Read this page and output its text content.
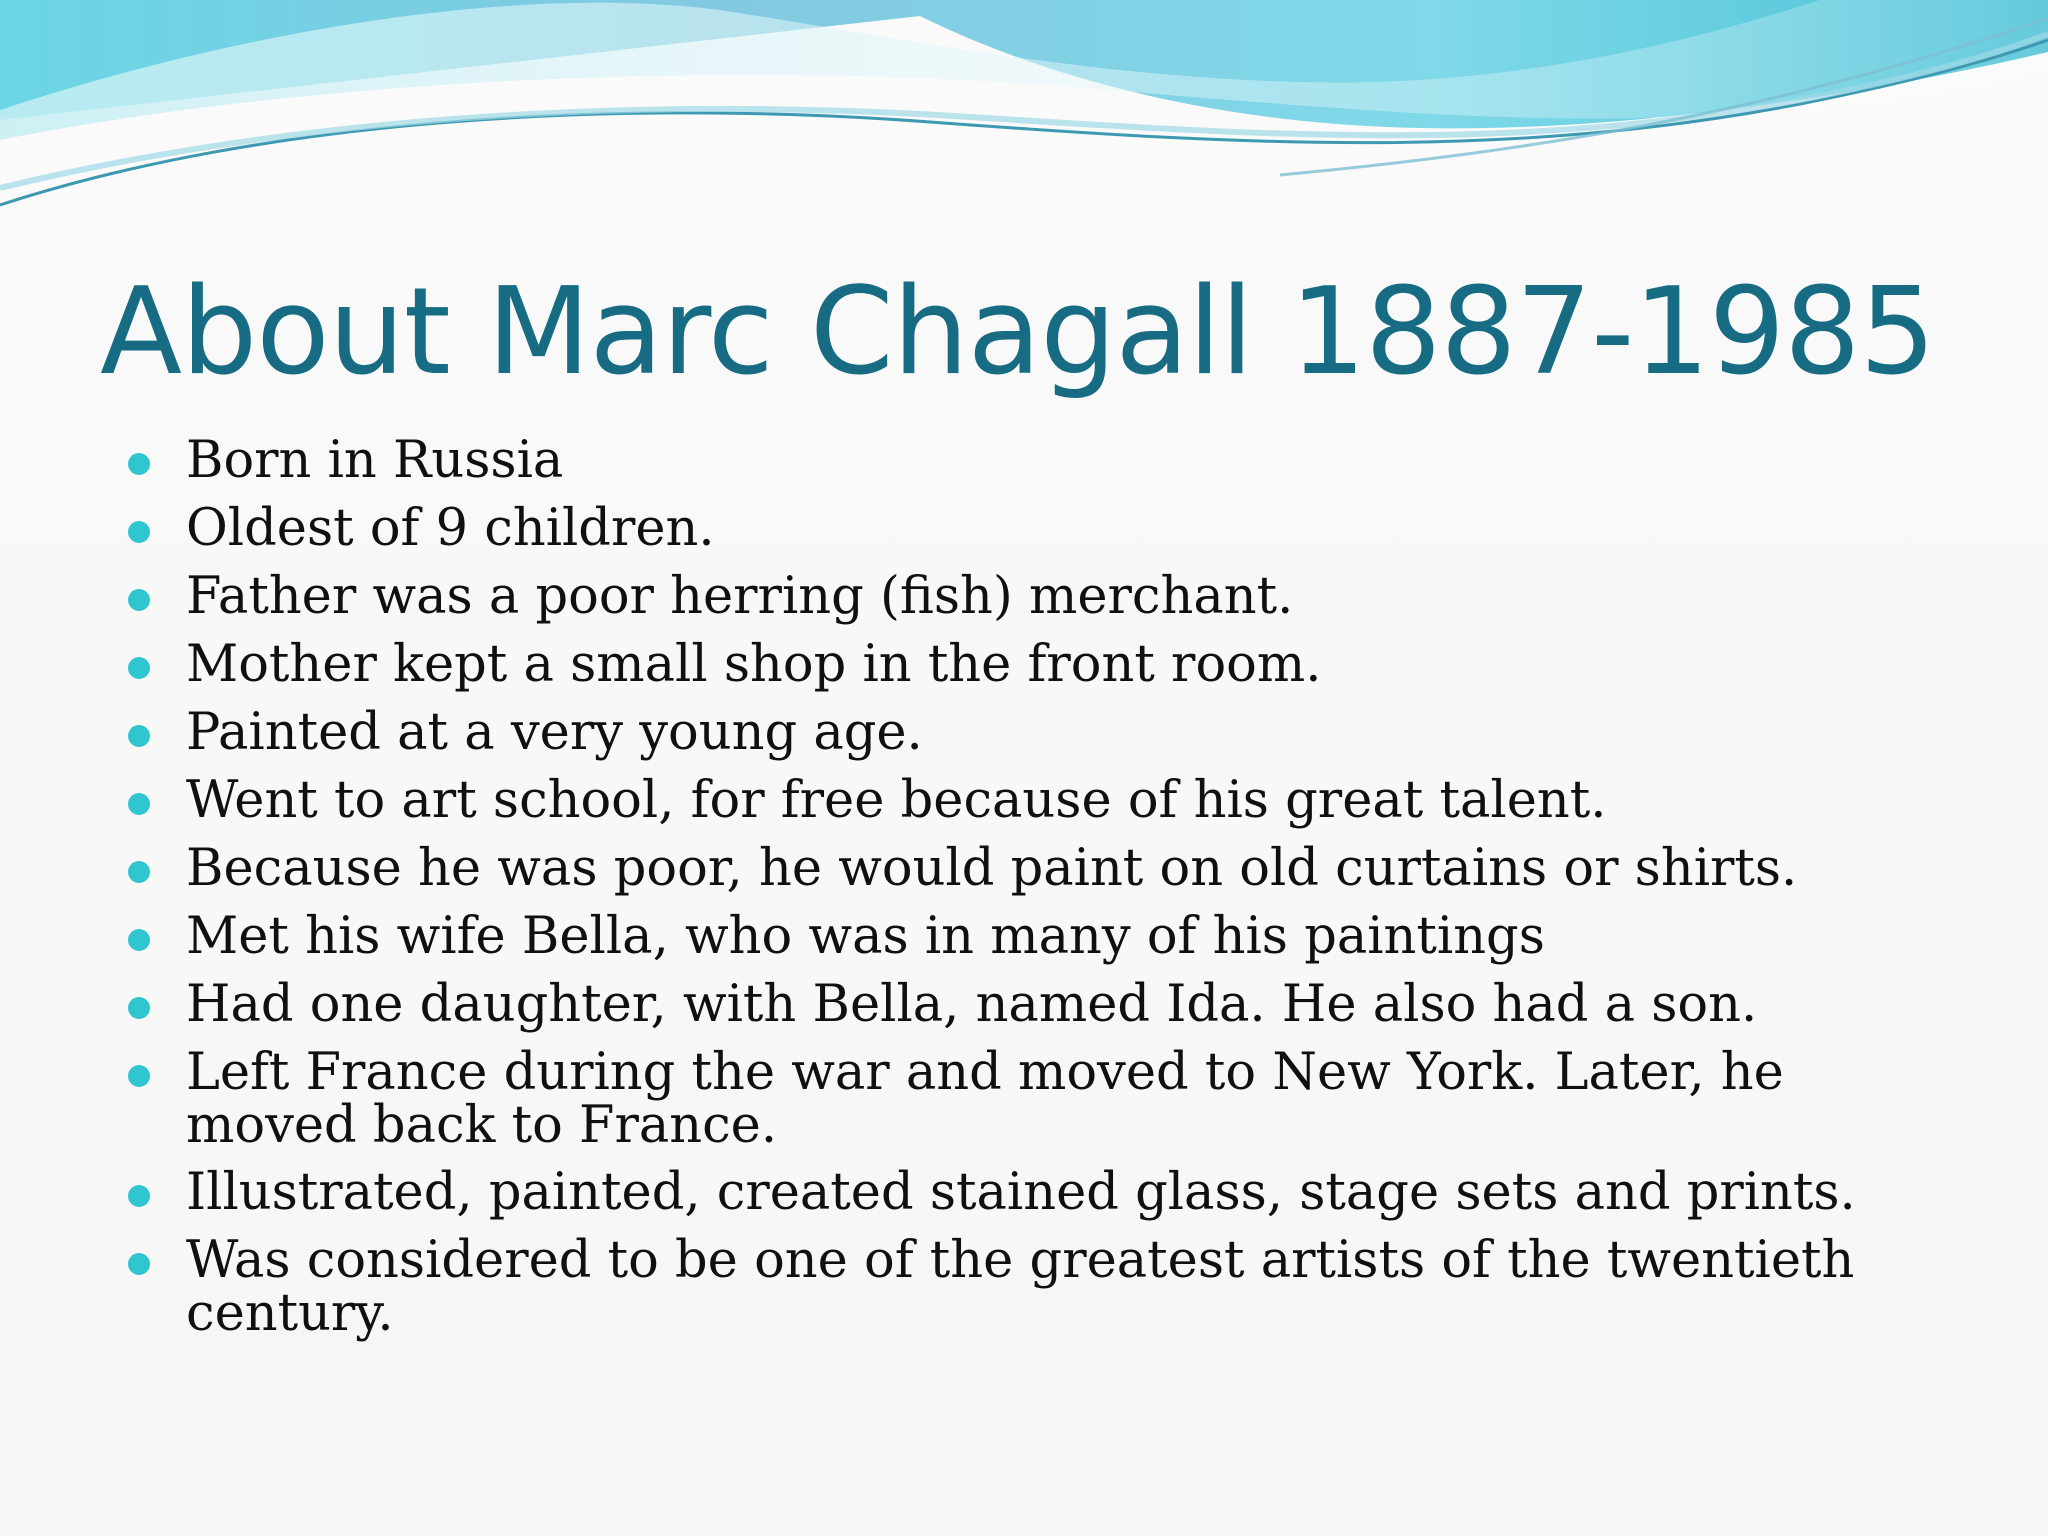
About Marc Chagall 1887-1985
Born in Russia
Oldest of 9 children.
Father was a poor herring (fish) merchant.
Mother kept a small shop in the front room.
Painted at a very young age.
Went to art school, for free because of his great talent.
Because he was poor, he would paint on old curtains or shirts.
Met his wife Bella, who was in many of his paintings
Had one daughter, with Bella, named Ida. He also had a son.
Left France during the war and moved to New York. Later, he moved back to France.
Illustrated, painted, created stained glass, stage sets and prints.
Was considered to be one of the greatest artists of the twentieth century.
